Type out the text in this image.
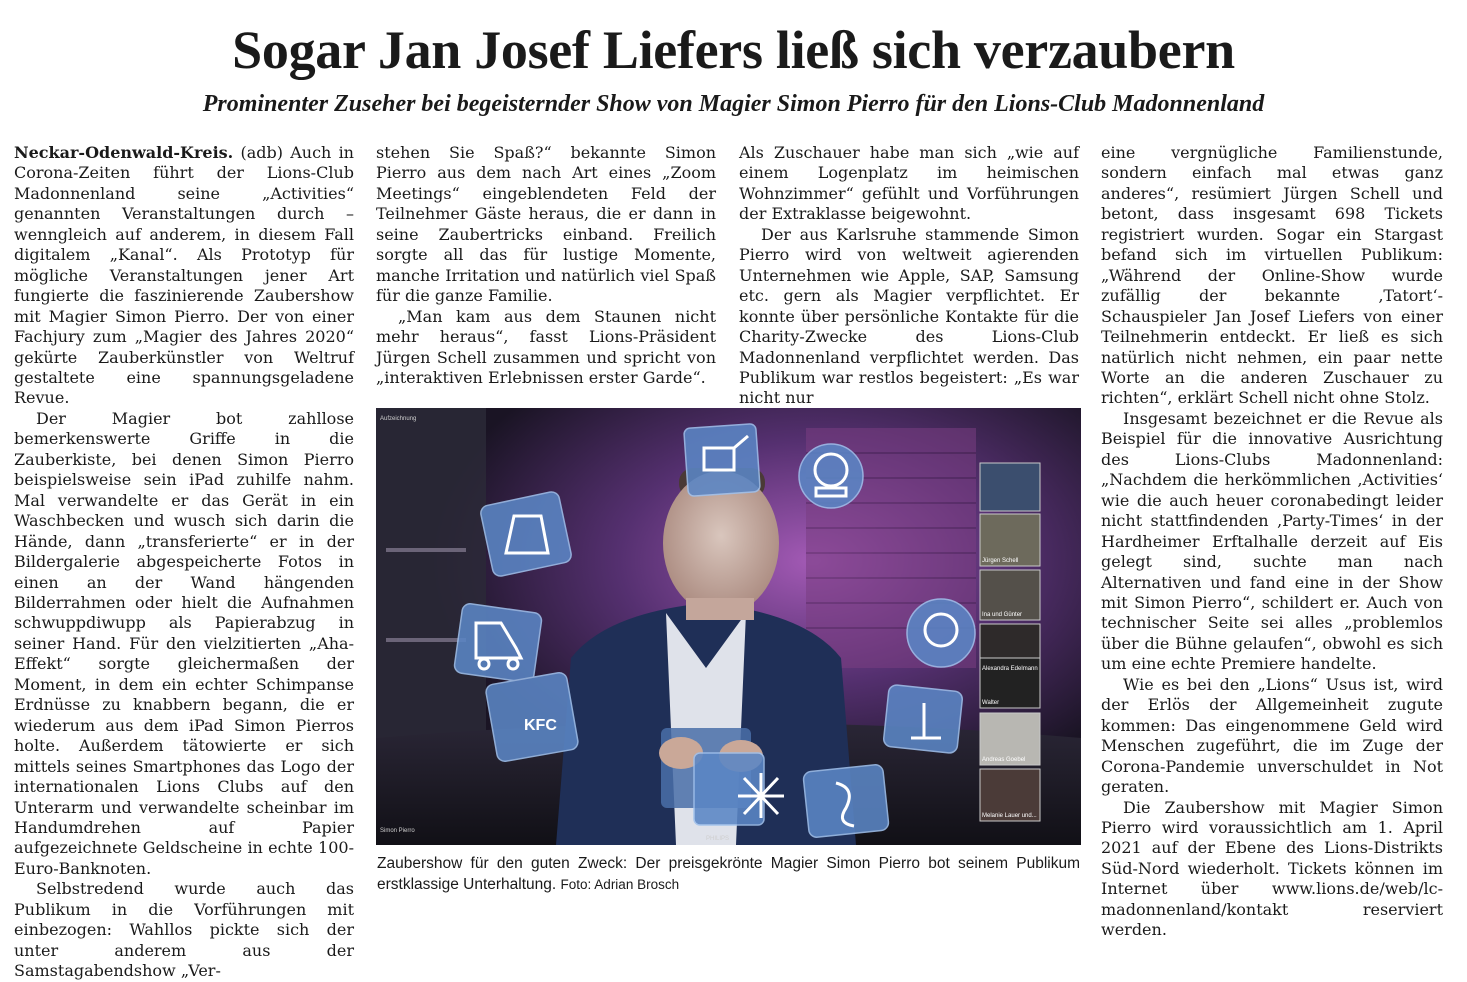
Sogar Jan Josef Liefers ließ sich verzaubern
Prominenter Zuseher bei begeisternder Show von Magier Simon Pierro für den Lions-Club Madonnenland

Neckar-Odenwald-Kreis. (adb) Auch in Corona-Zeiten führt der Lions-Club Madonnenland seine „Activities“ genannten Veranstaltungen durch – wenngleich auf anderem, in diesem Fall digitalem „Kanal“. Als Prototyp für mögliche Veranstaltungen jener Art fungierte die faszinierende Zaubershow mit Magier Simon Pierro. Der von einer Fachjury zum „Magier des Jahres 2020“ gekürte Zauberkünstler von Weltruf gestaltete eine spannungsgeladene Revue.

Der Magier bot zahllose bemerkenswerte Griffe in die Zauberkiste, bei denen Simon Pierro beispielsweise sein iPad zuhilfe nahm. Mal verwandelte er das Gerät in ein Waschbecken und wusch sich darin die Hände, dann „transferierte“ er in der Bildergalerie abgespeicherte Fotos in einen an der Wand hängenden Bilderrahmen oder hielt die Aufnahmen schwuppdiwupp als Papierabzug in seiner Hand. Für den vielzitierten „Aha-Effekt“ sorgte gleichermaßen der Moment, in dem ein echter Schimpanse Erdnüsse zu knabbern begann, die er wiederum aus dem iPad Simon Pierros holte. Außerdem tätowierte er sich mittels seines Smartphones das Logo der internationalen Lions Clubs auf den Unterarm und verwandelte scheinbar im Handumdrehen auf Papier aufgezeichnete Geldscheine in echte 100-Euro-Banknoten.

Selbstredend wurde auch das Publikum in die Vorführungen mit einbezogen: Wahllos pickte sich der unter anderem aus der Samstagabendshow „Ver-

stehen Sie Spaß?“ bekannte Simon Pierro aus dem nach Art eines „Zoom Meetings“ eingeblendeten Feld der Teilnehmer Gäste heraus, die er dann in seine Zaubertricks einband. Freilich sorgte all das für lustige Momente, manche Irritation und natürlich viel Spaß für die ganze Familie.

„Man kam aus dem Staunen nicht mehr heraus“, fasst Lions-Präsident Jürgen Schell zusammen und spricht von „interaktiven Erlebnissen erster Garde“.

Als Zuschauer habe man sich „wie auf einem Logenplatz im heimischen Wohnzimmer“ gefühlt und Vorführungen der Extraklasse beigewohnt.

Der aus Karlsruhe stammende Simon Pierro wird von weltweit agierenden Unternehmen wie Apple, SAP, Samsung etc. gern als Magier verpflichtet. Er konnte über persönliche Kontakte für die Charity-Zwecke des Lions-Club Madonnenland verpflichtet werden. Das Publikum war restlos begeistert: „Es war nicht nur

eine vergnügliche Familienstunde, sondern einfach mal etwas ganz anderes“, resümiert Jürgen Schell und betont, dass insgesamt 698 Tickets registriert wurden. Sogar ein Stargast befand sich im virtuellen Publikum: „Während der Online-Show wurde zufällig der bekannte ‚Tatort‘-Schauspieler Jan Josef Liefers von einer Teilnehmerin entdeckt. Er ließ es sich natürlich nicht nehmen, ein paar nette Worte an die anderen Zuschauer zu richten“, erklärt Schell nicht ohne Stolz.

Insgesamt bezeichnet er die Revue als Beispiel für die innovative Ausrichtung des Lions-Clubs Madonnenland: „Nachdem die herkömmlichen ‚Activities‘ wie die auch heuer coronabedingt leider nicht stattfindenden ‚Party-Times‘ in der Hardheimer Erftalhalle derzeit auf Eis gelegt sind, suchte man nach Alternativen und fand eine in der Show mit Simon Pierro“, schildert er. Auch von technischer Seite sei alles „problemlos über die Bühne gelaufen“, obwohl es sich um eine echte Premiere handelte.

Wie es bei den „Lions“ Usus ist, wird der Erlös der Allgemeinheit zugute kommen: Das eingenommene Geld wird Menschen zugeführt, die im Zuge der Corona-Pandemie unverschuldet in Not geraten.

Die Zaubershow mit Magier Simon Pierro wird voraussichtlich am 1. April 2021 auf der Ebene des Lions-Distrikts Süd-Nord wiederholt. Tickets können im Internet über www.lions.de/web/lc-madonnenland/kontakt reserviert werden.

KFC
Jürgen Schell
Ina und Günter
Alexandra Edelmann
Walter
Andreas Goebel
Melanie Lauer und...
Aufzeichnung
Simon Pierro
PHILIPS
Zaubershow für den guten Zweck: Der preisgekrönte Magier Simon Pierro bot seinem Publikum erstklassige Unterhaltung. Foto: Adrian Brosch
